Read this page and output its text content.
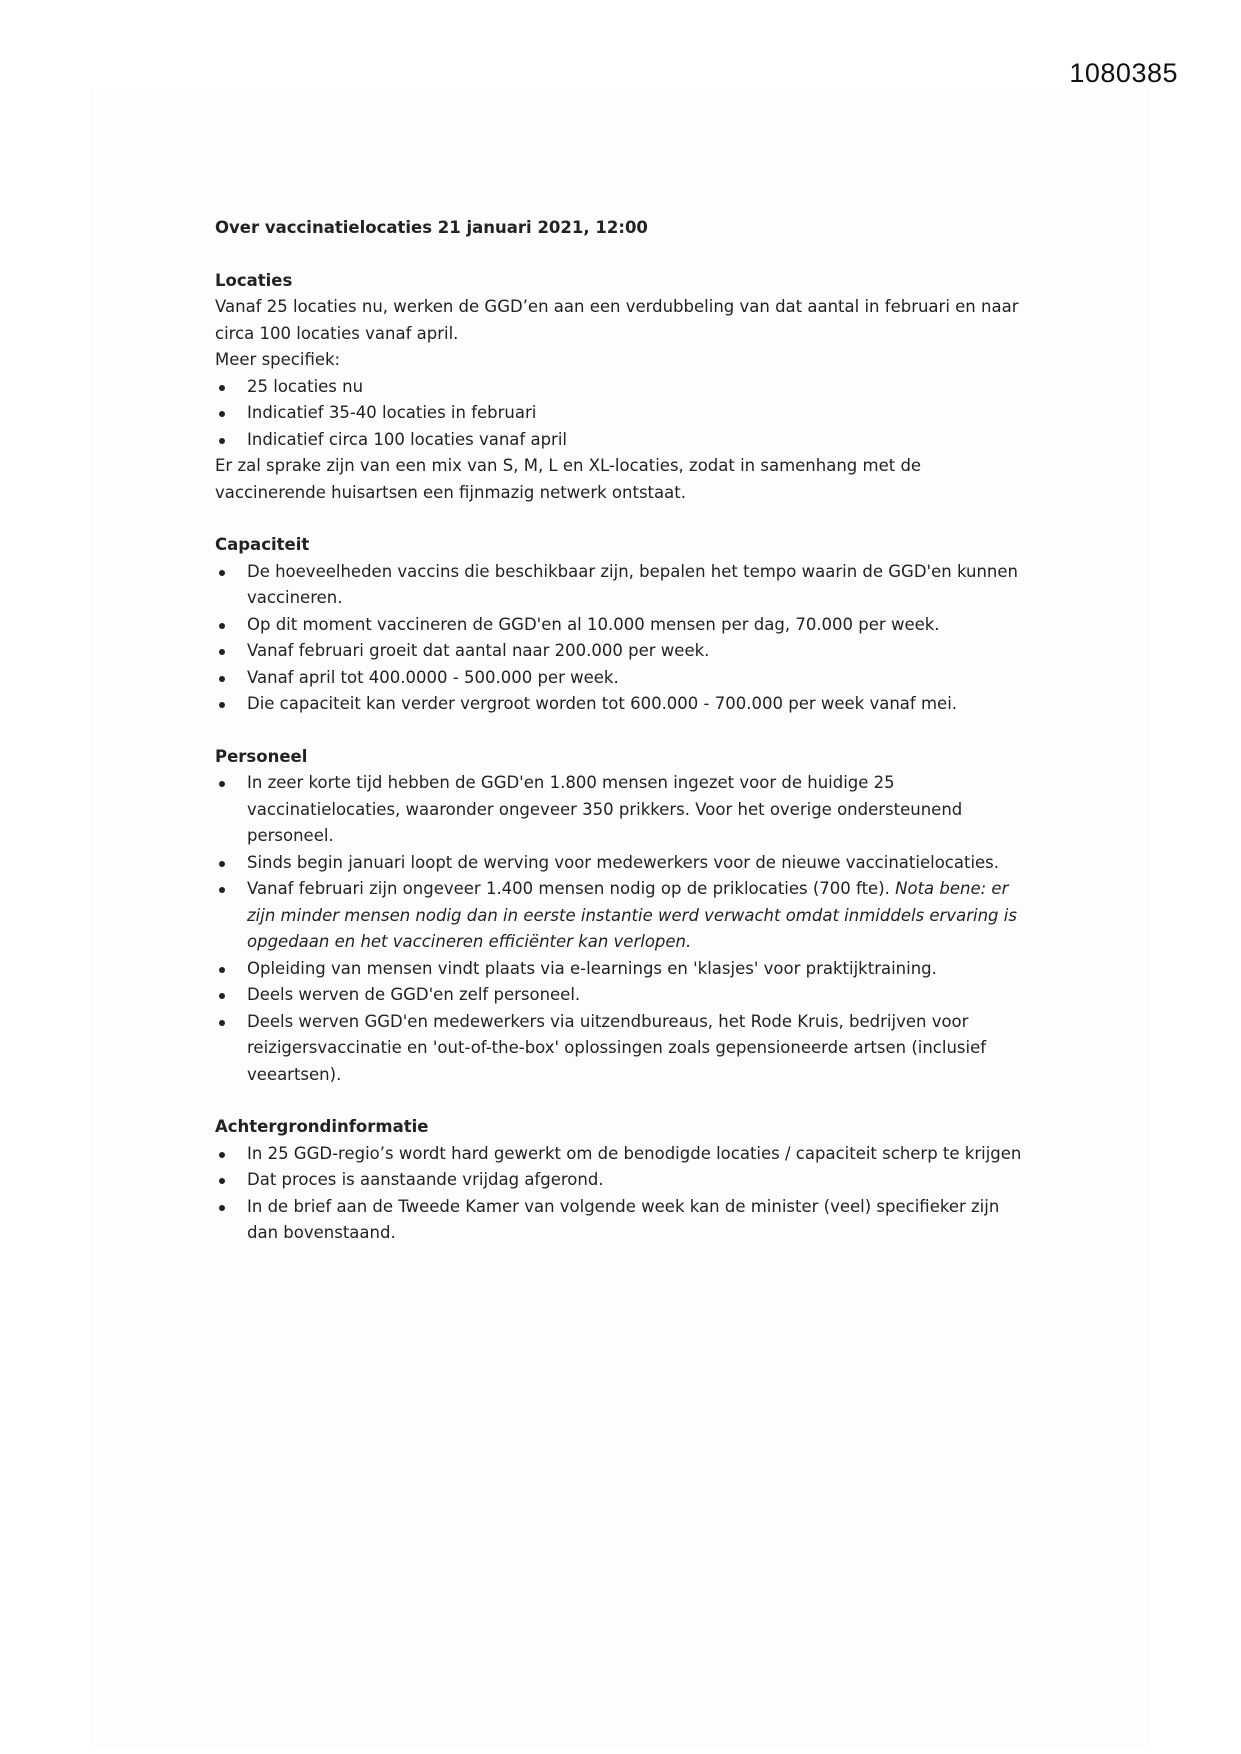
1080385

Over vaccinatielocaties 21 januari 2021, 12:00

Locaties

Vanaf 25 locaties nu, werken de GGD’en aan een verdubbeling van dat aantal in februari en naar circa 100 locaties vanaf april.

Meer specifiek:

25 locaties nu
Indicatief 35-40 locaties in februari
Indicatief circa 100 locaties vanaf april

Er zal sprake zijn van een mix van S, M, L en XL-locaties, zodat in samenhang met de vaccinerende huisartsen een fijnmazig netwerk ontstaat.

Capaciteit

De hoeveelheden vaccins die beschikbaar zijn, bepalen het tempo waarin de GGD'en kunnen vaccineren.
Op dit moment vaccineren de GGD'en al 10.000 mensen per dag, 70.000 per week.
Vanaf februari groeit dat aantal naar 200.000 per week.
Vanaf april tot 400.0000 - 500.000 per week.
Die capaciteit kan verder vergroot worden tot 600.000 - 700.000 per week vanaf mei.

Personeel

In zeer korte tijd hebben de GGD'en 1.800 mensen ingezet voor de huidige 25 vaccinatielocaties, waaronder ongeveer 350 prikkers. Voor het overige ondersteunend personeel.
Sinds begin januari loopt de werving voor medewerkers voor de nieuwe vaccinatielocaties.
Vanaf februari zijn ongeveer 1.400 mensen nodig op de priklocaties (700 fte). Nota bene: er zijn minder mensen nodig dan in eerste instantie werd verwacht omdat inmiddels ervaring is opgedaan en het vaccineren efficiënter kan verlopen.
Opleiding van mensen vindt plaats via e-learnings en 'klasjes' voor praktijktraining.
Deels werven de GGD'en zelf personeel.
Deels werven GGD'en medewerkers via uitzendbureaus, het Rode Kruis, bedrijven voor reizigersvaccinatie en 'out-of-the-box' oplossingen zoals gepensioneerde artsen (inclusief veeartsen).

Achtergrondinformatie

In 25 GGD-regio’s wordt hard gewerkt om de benodigde locaties / capaciteit scherp te krijgen
Dat proces is aanstaande vrijdag afgerond.
In de brief aan de Tweede Kamer van volgende week kan de minister (veel) specifieker zijn dan bovenstaand.
